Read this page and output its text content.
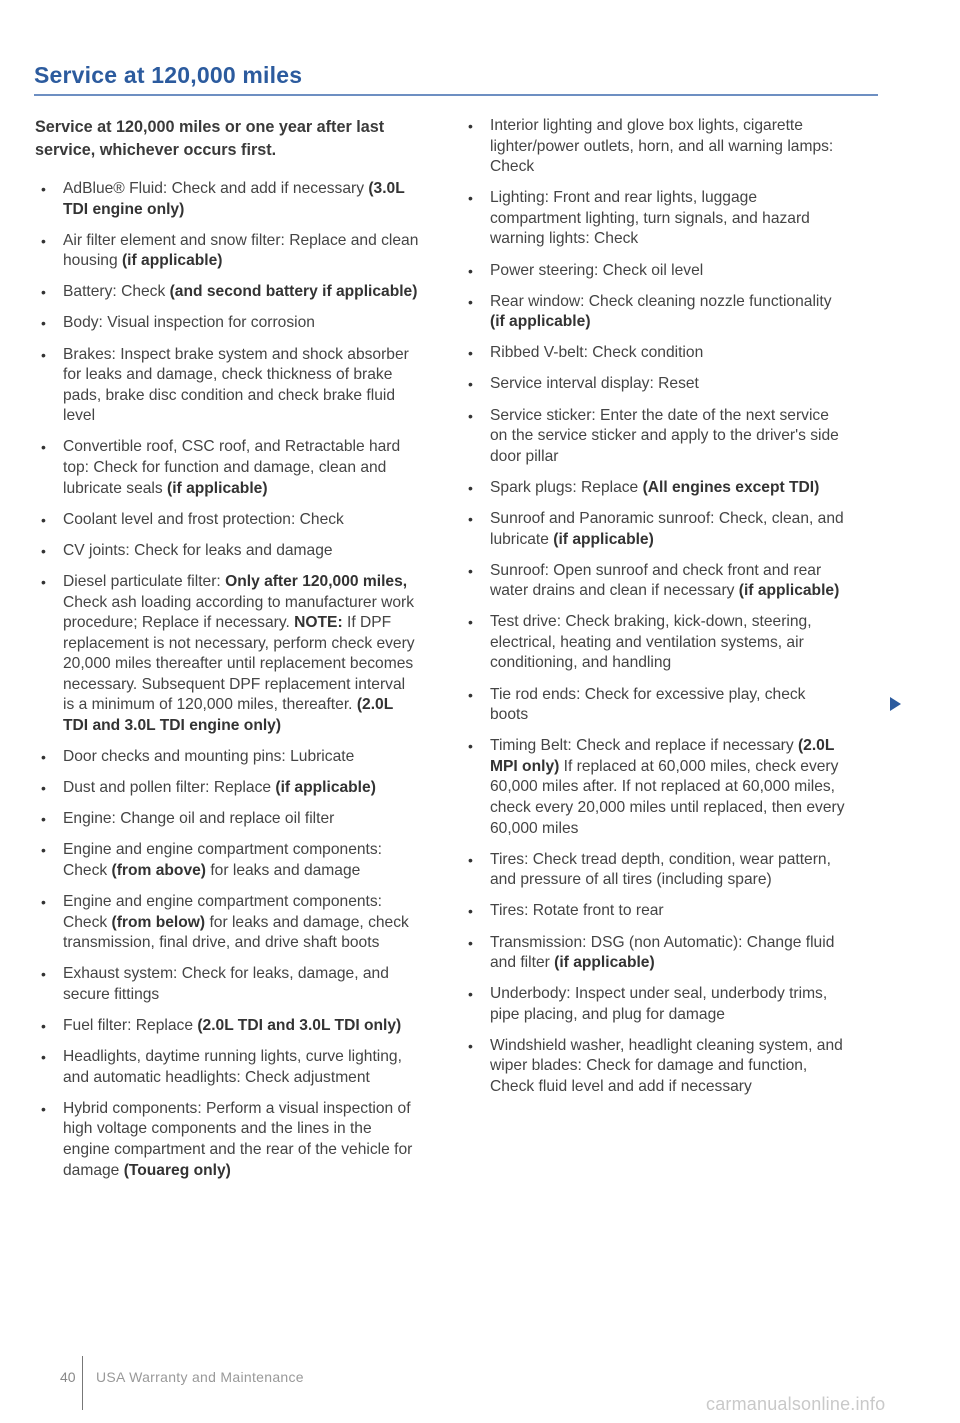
Service at 120,000 miles

Service at 120,000 miles or one year after last service, whichever occurs first.

• AdBlue® Fluid: Check and add if necessary (3.0L TDI engine only)
• Air filter element and snow filter: Replace and clean housing (if applicable)
• Battery: Check (and second battery if applicable)
• Body: Visual inspection for corrosion
• Brakes: Inspect brake system and shock absorber for leaks and damage, check thickness of brake pads, brake disc condition and check brake fluid level
• Convertible roof, CSC roof, and Retractable hard top: Check for function and damage, clean and lubricate seals (if applicable)
• Coolant level and frost protection: Check
• CV joints: Check for leaks and damage
• Diesel particulate filter: Only after 120,000 miles, Check ash loading according to manufacturer work procedure; Replace if necessary. NOTE: If DPF replacement is not necessary, perform check every 20,000 miles thereafter until replacement becomes necessary. Subsequent DPF replacement interval is a minimum of 120,000 miles, thereafter. (2.0L TDI and 3.0L TDI engine only)
• Door checks and mounting pins: Lubricate
• Dust and pollen filter: Replace (if applicable)
• Engine: Change oil and replace oil filter
• Engine and engine compartment components: Check (from above) for leaks and damage
• Engine and engine compartment components: Check (from below) for leaks and damage, check transmission, final drive, and drive shaft boots
• Exhaust system: Check for leaks, damage, and secure fittings
• Fuel filter: Replace (2.0L TDI and 3.0L TDI only)
• Headlights, daytime running lights, curve lighting, and automatic headlights: Check adjustment
• Hybrid components: Perform a visual inspection of high voltage components and the lines in the engine compartment and the rear of the vehicle for damage (Touareg only)
• Interior lighting and glove box lights, cigarette lighter/power outlets, horn, and all warning lamps: Check
• Lighting: Front and rear lights, luggage compartment lighting, turn signals, and hazard warning lights: Check
• Power steering: Check oil level
• Rear window: Check cleaning nozzle functionality (if applicable)
• Ribbed V-belt: Check condition
• Service interval display: Reset
• Service sticker: Enter the date of the next service on the service sticker and apply to the driver's side door pillar
• Spark plugs: Replace (All engines except TDI)
• Sunroof and Panoramic sunroof: Check, clean, and lubricate (if applicable)
• Sunroof: Open sunroof and check front and rear water drains and clean if necessary (if applicable)
• Test drive: Check braking, kick-down, steering, electrical, heating and ventilation systems, air conditioning, and handling
• Tie rod ends: Check for excessive play, check boots
• Timing Belt: Check and replace if necessary (2.0L MPI only) If replaced at 60,000 miles, check every 60,000 miles after. If not replaced at 60,000 miles, check every 20,000 miles until replaced, then every 60,000 miles
• Tires: Check tread depth, condition, wear pattern, and pressure of all tires (including spare)
• Tires: Rotate front to rear
• Transmission: DSG (non Automatic): Change fluid and filter (if applicable)
• Underbody: Inspect under seal, underbody trims, pipe placing, and plug for damage
• Windshield washer, headlight cleaning system, and wiper blades: Check for damage and function, Check fluid level and add if necessary
40 USA Warranty and Maintenance
carmanualsonline.info
